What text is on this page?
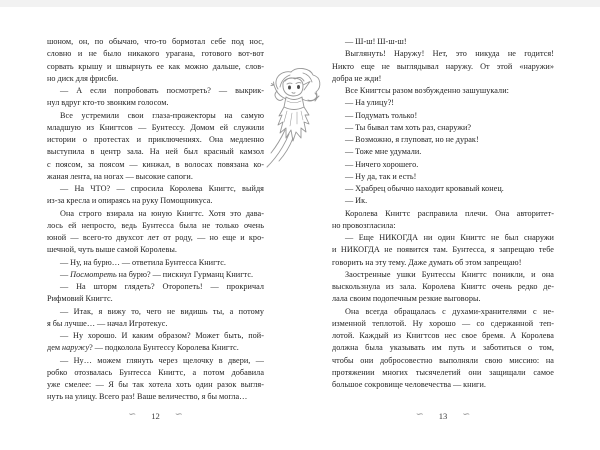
шоном, он, по обычаю, что-то бормотал себе под нос,
словно и не было никакого урагана, готового вот-вот
сорвать крышу и швырнуть ее как можно дальше, слов-
но диск для фрисби.
— А если попробовать посмотреть? — выкрик-
нул вдруг кто-то звонким голосом.
Все устремили свои глаза-прожекторы на самую
младшую из Книгтсов — Бунтессу. Домом ей служили
истории о протестах и приключениях. Она медленно
выступила в центр зала. На ней был красный камзол
с поясом, за поясом — кинжал, в волосах повязана ко-
жаная лента, на ногах — высокие сапоги.
— На ЧТО? — спросила Королева Книгтс, выйдя
из-за кресла и опираясь на руку Помощникуса.
Она строго взирала на юную Книгтс. Хотя это дава-
лось ей непросто, ведь Бунтесса была не только очень
юной — всего-то двухсот лет от роду, — но еще и кро-
шечной, чуть выше самой Королевы.
— Ну, на бурю… — ответила Бунтесса Книгтс.
— Посмотреть на бурю? — пискнул Гурманц Книгтс.
— На шторм глядеть? Оторопеть! — прокричал
Рифмовий Книгтс.
— Итак, я вижу то, чего не видишь ты, а потому
я бы лучше… — начал Игротекус.
— Ну хорошо. И каким образом? Может быть, пой-
дем наружу? — подколола Бунтессу Королева Книгтс.
— Ну… можем глянуть через щелочку в двери, —
робко отозвалась Бунтесса Книгтс, а потом добавила
уже смелее: — Я бы так хотела хоть один разок выгля-
нуть на улицу. Всего раз! Ваше величество, я бы могла…
— Ш-ш! Ш-ш-ш!
Выглянуть! Наружу! Нет, это никуда не годится!
Никто еще не выглядывал наружу. От этой «наружи»
добра не жди!
Все Книгтсы разом возбужденно зашушукали:
— На улицу?!
— Подумать только!
— Ты бывал там хоть раз, снаружи?
— Возможно, я глуповат, но не дурак!
— Тоже мне удумали.
— Ничего хорошего.
— Ну да, так и есть!
— Храбрец обычно находит кровавый конец.
— Ик.
Королева Книгтс расправила плечи. Она авторитет-
но провозгласила:
— Еще НИКОГДА ни один Книгтс не был снаружи
и НИКОГДА не появится там. Бунтесса, я запрещаю тебе
говорить на эту тему. Даже думать об этом запрещаю!
Заостренные ушки Бунтессы Книгтс поникли, и она
выскользнула из зала. Королева Книгтс очень редко де-
лала своим подопечным резкие выговоры.
Она всегда обращалась с духами-хранителями с не-
изменной теплотой. Ну хорошо — со сдержанной теп-
лотой. Каждый из Книгтсов нес свое бремя. А Королева
должна была указывать им путь и заботиться о том,
чтобы они добросовестно выполняли свою миссию: на
протяжении многих тысячелетий они защищали самое
большое сокровище человечества — книги.
∽ 12 ∽	∽ 13 ∽
